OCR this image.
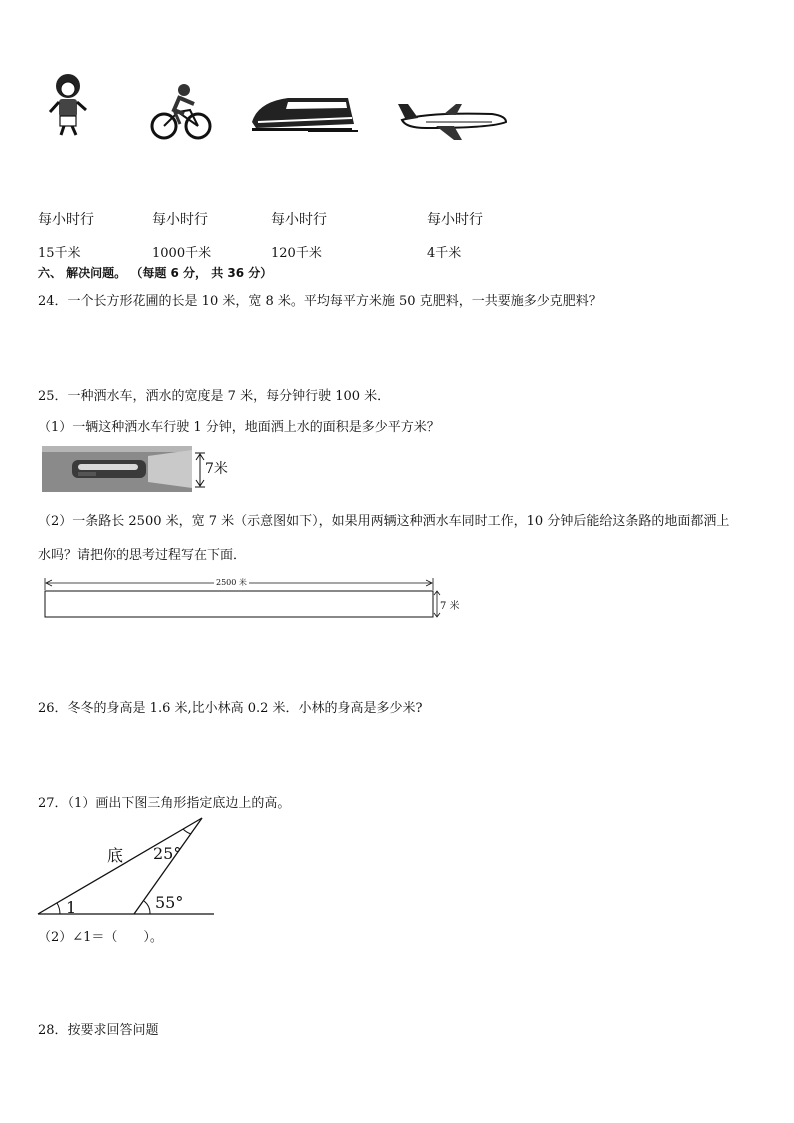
每小时行	每小时行	每小时行	每小时行
15千米	1000千米	120千米	4千米
六、 解决问题。 （每题 6 分， 共 36 分）
24．一个长方形花圃的长是 10 米，宽 8 米。平均每平方米施 50 克肥料，一共要施多少克肥料？
25．一种洒水车，洒水的宽度是 7 米，每分钟行驶 100 米．
（1）一辆这种洒水车行驶 1 分钟，地面洒上水的面积是多少平方米？
7米
（2）一条路长 2500 米，宽 7 米（示意图如下），如果用两辆这种洒水车同时工作，10 分钟后能给这条路的地面都洒上
水吗？请把你的思考过程写在下面．
2500 米
7 米
26．冬冬的身高是 1.6 米,比小林高 0.2 米．小林的身高是多少米?
27．（1）画出下图三角形指定底边上的高。
底 25°
55°
1
（2）∠1＝（　　）。
28．按要求回答问题
